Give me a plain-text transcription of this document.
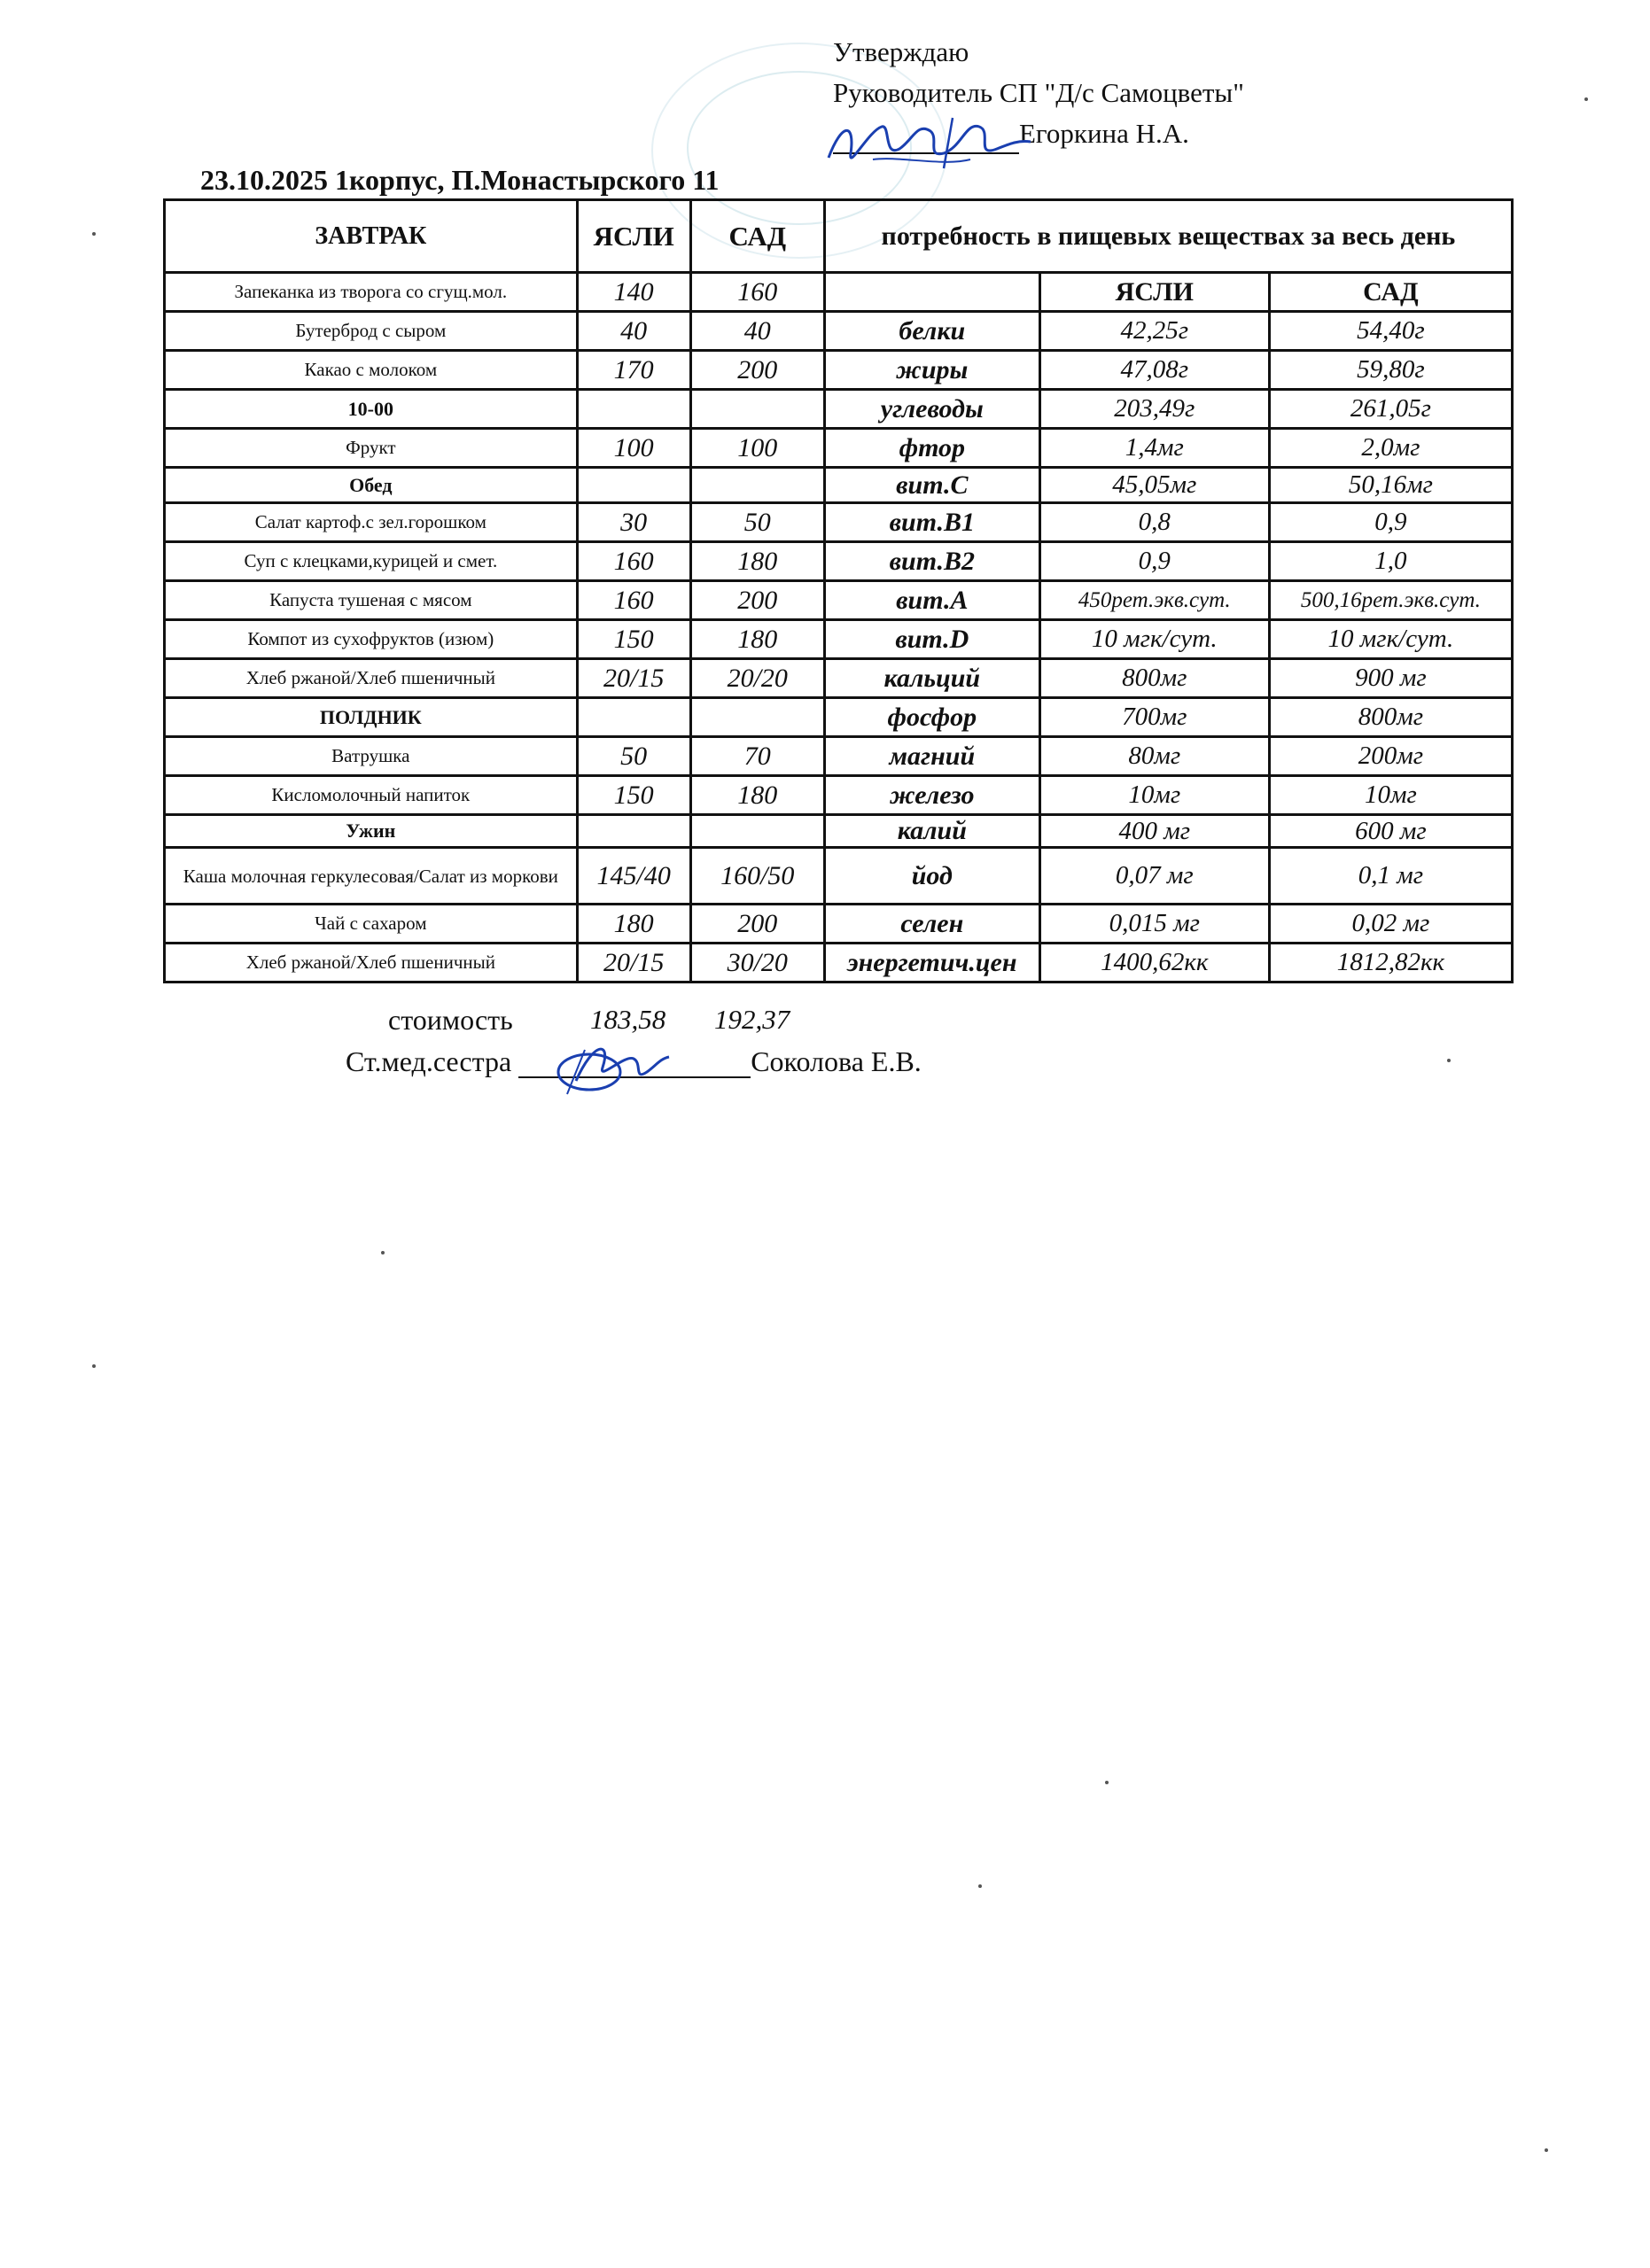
Утверждаю
Руководитель СП "Д/с Самоцветы"
Егоркина Н.А.
23.10.2025 1корпус, П.Монастырского 11
ЗАВТРАК	ЯСЛИ	САД	потребность в пищевых веществах за весь день		
Запеканка из творога со сгущ.мол.	140	160		ЯСЛИ	САД
Бутерброд с сыром	40	40	белки	42,25г	54,40г
Какао с молоком	170	200	жиры	47,08г	59,80г
10-00			углеводы	203,49г	261,05г
Фрукт	100	100	фтор	1,4мг	2,0мг
Обед			вит.С	45,05мг	50,16мг
Салат картоф.с зел.горошком	30	50	вит.В1	0,8	0,9
Суп с клецками,курицей и смет.	160	180	вит.В2	0,9	1,0
Капуста тушеная с мясом	160	200	вит.А	450рет.экв.сут.	500,16рет.экв.сут.
Компот из сухофруктов (изюм)	150	180	вит.D	10 мгк/сут.	10 мгк/сут.
Хлеб ржаной/Хлеб пшеничный	20/15	20/20	кальций	800мг	900 мг
ПОЛДНИК			фосфор	700мг	800мг
Ватрушка	50	70	магний	80мг	200мг
Кисломолочный напиток	150	180	железо	10мг	10мг
Ужин			калий	400 мг	600 мг
Каша молочная геркулесовая/Салат из моркови	145/40	160/50	йод	0,07 мг	0,1 мг
Чай с сахаром	180	200	селен	0,015 мг	0,02 мг
Хлеб ржаной/Хлеб пшеничный	20/15	30/20	энергетич.цен	1400,62кк	1812,82кк
стоимость	183,58 192,37
Ст.мед.сестра	Соколова Е.В.
